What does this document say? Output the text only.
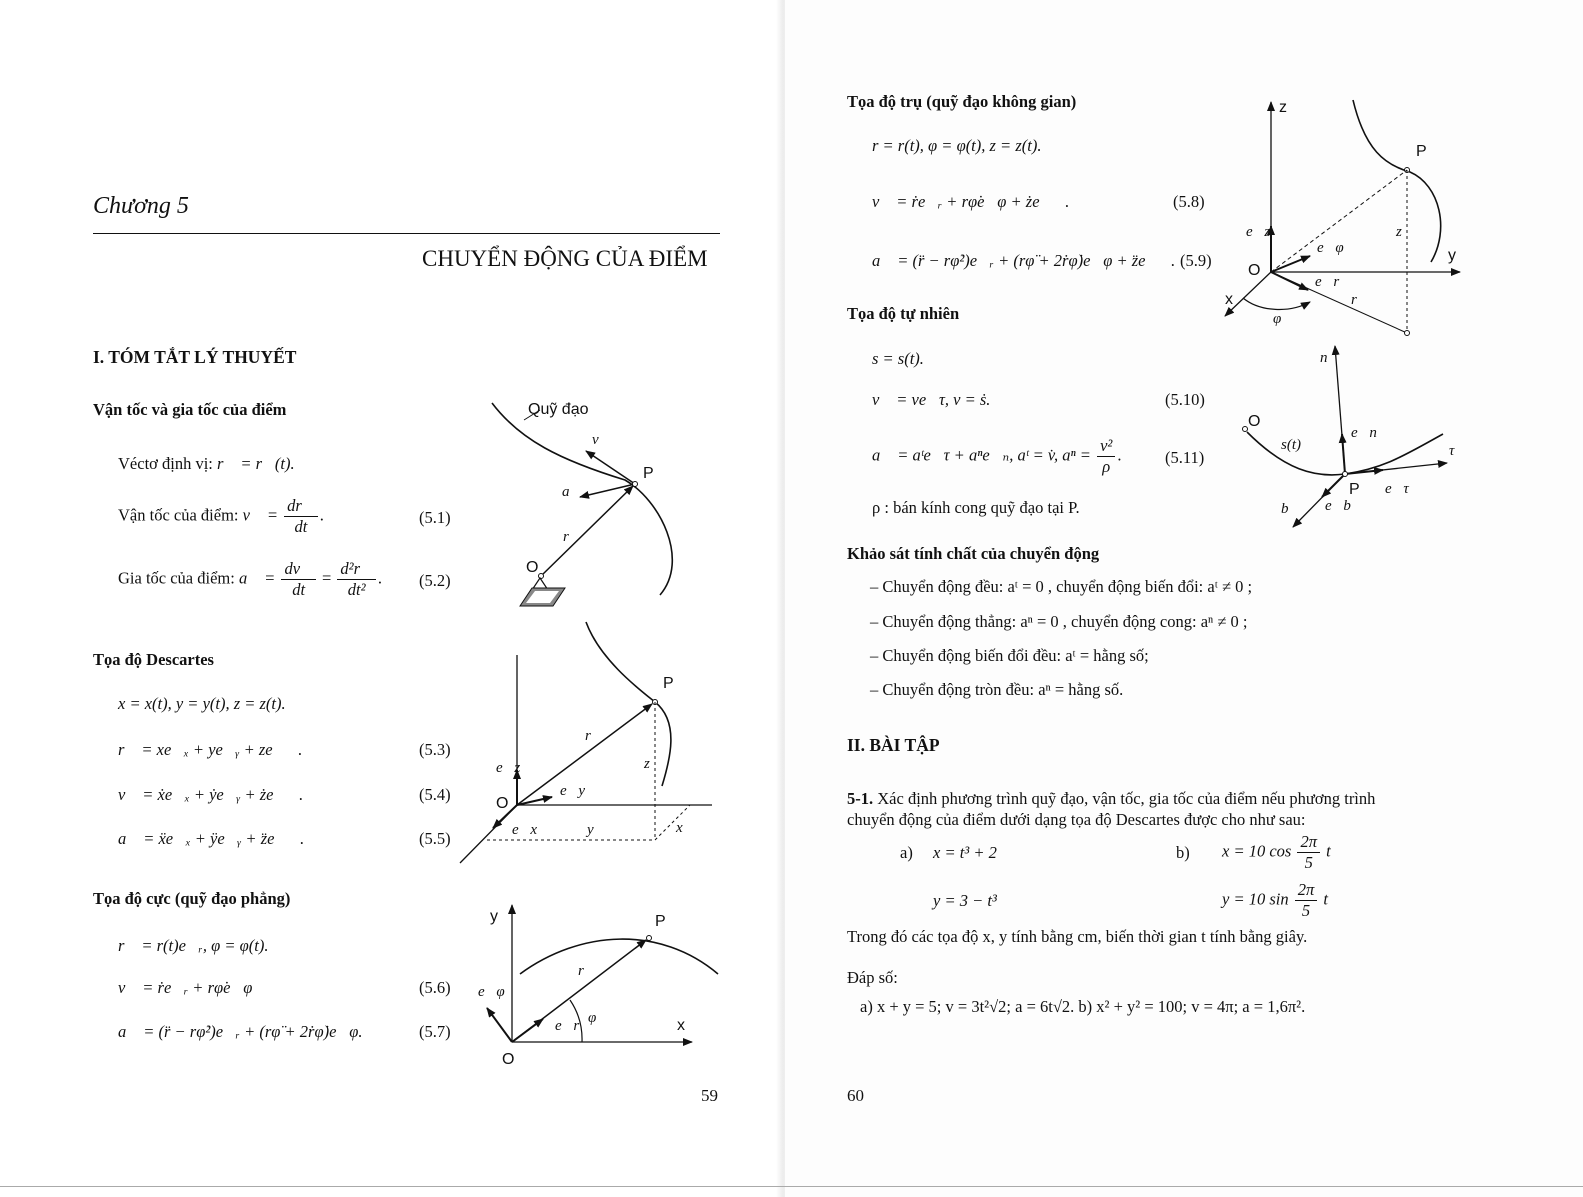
Chương 5
CHUYỂN ĐỘNG CỦA ĐIỂM
I. TÓM TẮT LÝ THUYẾT
Vận tốc và gia tốc của điểm
Véctơ định vị: r⃗ = r⃗(t).
Vận tốc của điểm: v⃗ = $\frac{dr⃗}{dt}$ .	(5.1)
Gia tốc của điểm: a⃗ = $\frac{dv⃗}{dt} = \frac{\text{d²r⃗}}{\text{dt²}}$ . (5.2)
Tọa độ Descartes
x = x(t), y = y(t), z = z(t).
r⃗ = xe⃗ₓ + ye⃗ᵧ + ze⃗𝓏.	(5.3)
v⃗ = ẋe⃗ₓ + ẏe⃗ᵧ + że⃗𝓏.	(5.4)
a⃗ = ẍe⃗ₓ + ÿe⃗ᵧ + z̈e⃗𝓏.	(5.5)
Tọa độ cực (quỹ đạo phẳng)
r⃗ = r(t)e⃗ᵣ, φ = φ(t).
v⃗ = ṙe⃗ᵣ + rφ̇e⃗φ	(5.6)
a⃗ = (r̈ − rφ̇²)e⃗ᵣ + (rφ̈ + 2ṙφ̇)e⃗φ.	(5.7)
59
Quỹ đạo
v⃗
a⃗
r⃗
P
O
e⃗z
e⃗y
e⃗x
r⃗
P
O
y	x
z
y
x
r⃗
P
e⃗r
e⃗φ
φ
O
Tọa độ trụ (quỹ đạo không gian)
r = r(t), φ = φ(t), z = z(t).
v⃗ = ṙe⃗ᵣ + rφ̇e⃗φ + że⃗𝓏.	(5.8)
a⃗ = (r̈ − rφ̇²)e⃗ᵣ + (rφ̈ + 2ṙφ̇)e⃗φ + z̈e⃗𝓏. (5.9)
Tọa độ tự nhiên
s = s(t).
v⃗ = ve⃗τ, v = ṡ.	(5.10)
a⃗ = aᵗe⃗τ + aⁿe⃗ₙ, aᵗ = v̇, $a^n = \frac{\text{v²}}{\rho}$ .	(5.11)
ρ : bán kính cong quỹ đạo tại P.
Khảo sát tính chất của chuyển động
– Chuyển động đều: aᵗ = 0 , chuyển động biến đổi: aᵗ ≠ 0 ;
– Chuyển động thẳng: aⁿ = 0 , chuyển động cong: aⁿ ≠ 0 ;
– Chuyển động biến đổi đều: aᵗ = hằng số;
– Chuyển động tròn đều: aⁿ = hằng số.
II. BÀI TẬP
5-1. Xác định phương trình quỹ đạo, vận tốc, gia tốc của điểm nếu phương trình
chuyển động của điểm dưới dạng tọa độ Descartes được cho như sau:
a) x = t³ + 2
y = 3 − t³
b) x = 10 $\cos \frac{2\pi}{5}$ t
y = 10 $\sin \frac{2\pi}{5}$ t
Trong đó các tọa độ x, y tính bằng cm, biến thời gian t tính bằng giây.
Đáp số:
a) x + y = 5; v = 3t²√2; a = 6t√2. b) x² + y² = 100; v = 4π; a = 1,6π².
60
z
y
x
P
r
z
e⃗z
e⃗φ
e⃗r
φ
O
O
s(t)
n
e⃗n
τ
e⃗τ
b e⃗b
P
